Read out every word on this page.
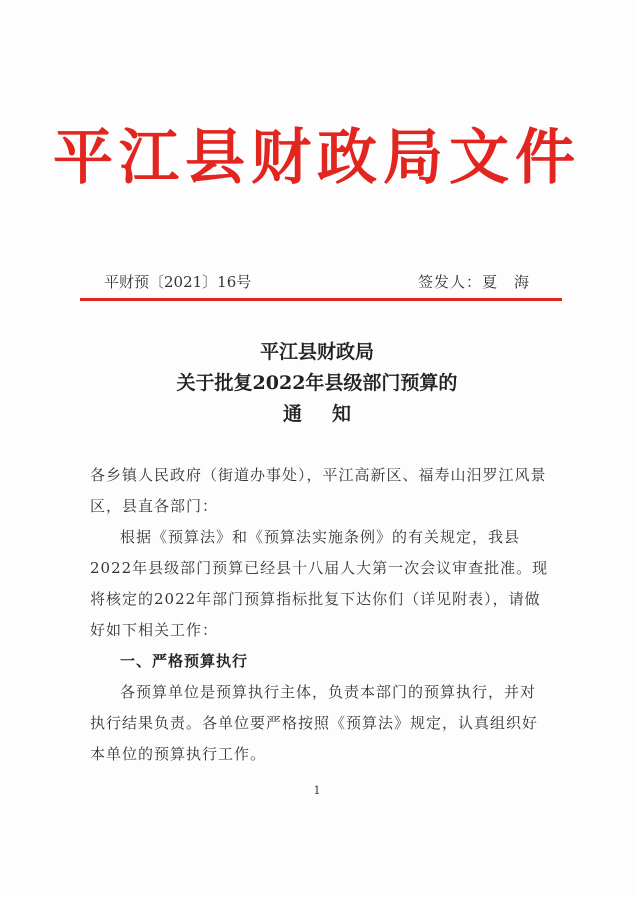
平江县财政局文件
平财预〔2021〕16号	签发人：夏　海
平江县财政局
关于批复2022年县级部门预算的
通知

各乡镇人民政府（街道办事处），平江高新区、福寿山汨罗江风景区，县直各部门：

根据《预算法》和《预算法实施条例》的有关规定，我县2022年县级部门预算已经县十八届人大第一次会议审查批准。现将核定的2022年部门预算指标批复下达你们（详见附表），请做好如下相关工作：

一、严格预算执行

各预算单位是预算执行主体，负责本部门的预算执行，并对执行结果负责。各单位要严格按照《预算法》规定，认真组织好本单位的预算执行工作。

1
